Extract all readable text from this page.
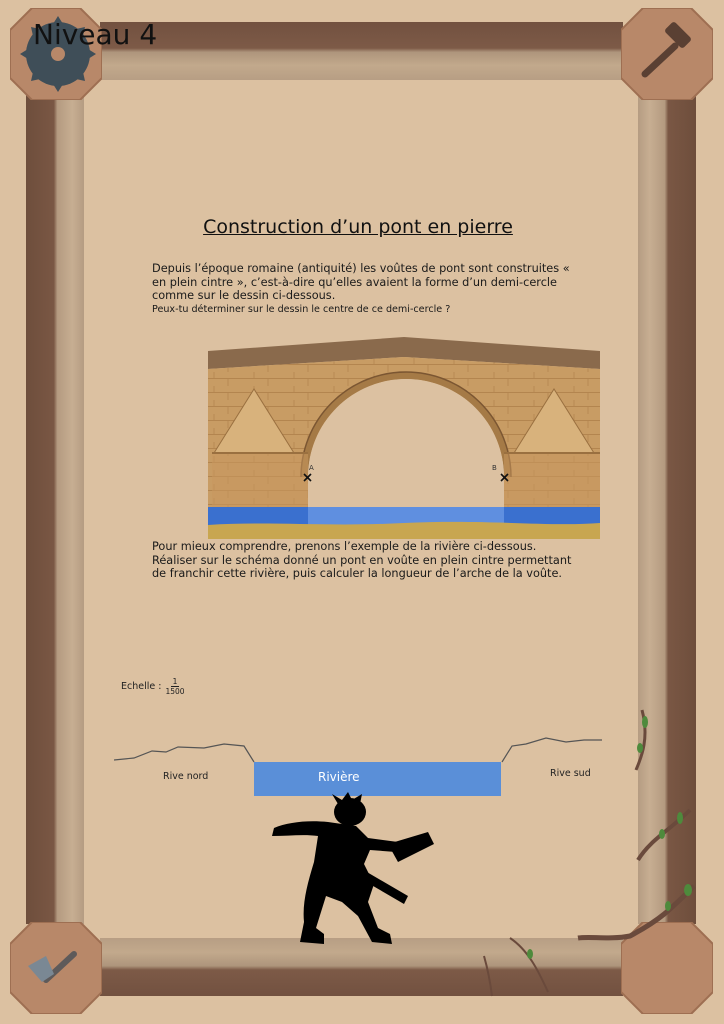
Niveau 4
Construction d’un pont en pierre
Depuis l’époque romaine (antiquité) les voûtes de pont sont construites «
en plein cintre », c’est-à-dire qu’elles avaient la forme d’un demi-cercle
comme sur le dessin ci-dessous.
Peux-tu déterminer sur le dessin le centre de ce demi-cercle ?
A	B
Pour mieux comprendre, prenons l’exemple de la rivière ci-dessous.
Réaliser sur le schéma donné un pont en voûte en plein cintre permettant
de franchir cette rivière, puis calculer la longueur de l’arche de la voûte.
Echelle : $\frac{1}{1500}$
Rivière
Rive nord	Rive sud
